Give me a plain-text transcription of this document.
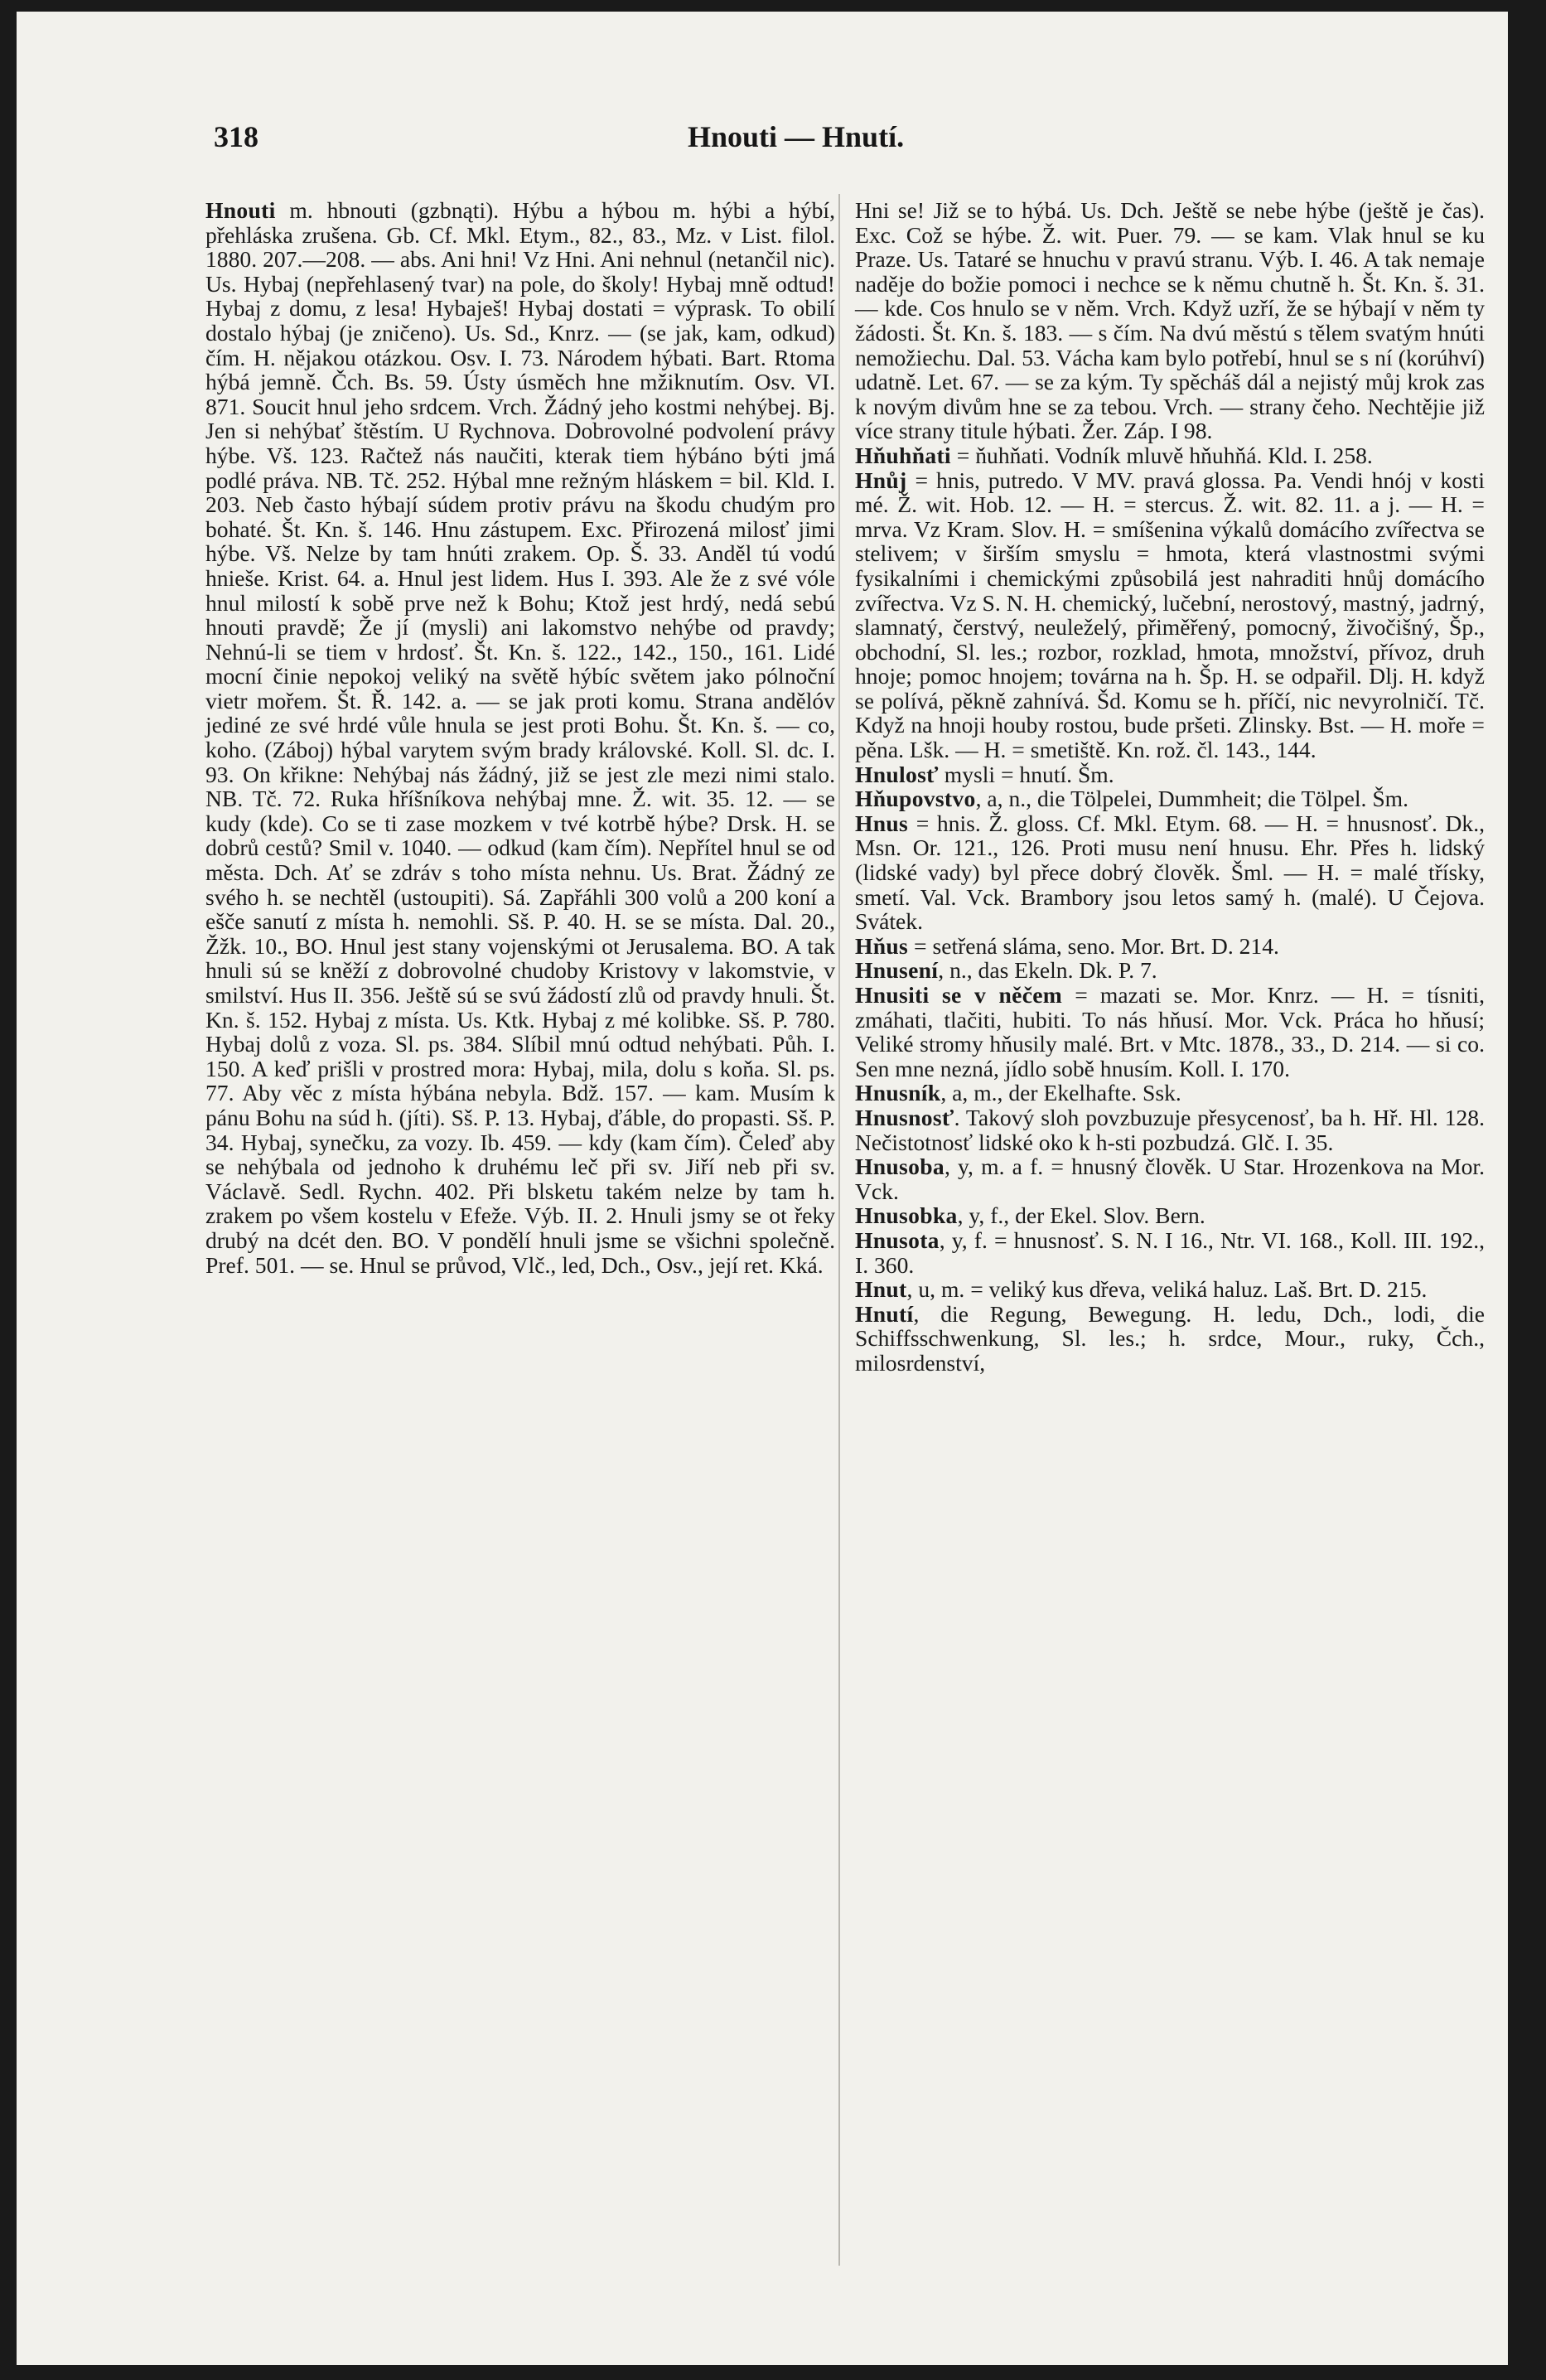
318	Hnouti — Hnutí.

Hnouti m. hbnouti (gzbnąti). Hýbu a hýbou m. hýbi a hýbí, přehláska zrušena. Gb. Cf. Mkl. Etym., 82., 83., Mz. v List. filol. 1880. 207.—208. — abs. Ani hni! Vz Hni. Ani nehnul (netančil nic). Us. Hybaj (nepřehlasený tvar) na pole, do školy! Hybaj mně odtud! Hybaj z domu, z lesa! Hybaješ! Hybaj dostati = výprask. To obilí dostalo hýbaj (je zničeno). Us. Sd., Knrz. — (se jak, kam, odkud) čím. H. nějakou otázkou. Osv. I. 73. Národem hýbati. Bart. Rtoma hýbá jemně. Čch. Bs. 59. Ústy úsměch hne mžiknutím. Osv. VI. 871. Soucit hnul jeho srdcem. Vrch. Žádný jeho kostmi nehýbej. Bj. Jen si nehýbať štěstím. U Rychnova. Dobrovolné podvolení právy hýbe. Vš. 123. Račtež nás naučiti, kterak tiem hýbáno býti jmá podlé práva. NB. Tč. 252. Hýbal mne režným hláskem = bil. Kld. I. 203. Neb často hýbají súdem protiv právu na škodu chudým pro bohaté. Št. Kn. š. 146. Hnu zástupem. Exc. Přirozená milosť jimi hýbe. Vš. Nelze by tam hnúti zrakem. Op. Š. 33. Anděl tú vodú hnieše. Krist. 64. a. Hnul jest lidem. Hus I. 393. Ale že z své vóle hnul milostí k sobě prve než k Bohu; Ktož jest hrdý, nedá sebú hnouti pravdě; Že jí (mysli) ani lakomstvo nehýbe od pravdy; Nehnú-li se tiem v hrdosť. Št. Kn. š. 122., 142., 150., 161. Lidé mocní činie nepokoj veliký na světě hýbíc světem jako pólnoční vietr mořem. Št. Ř. 142. a. — se jak proti komu. Strana andělóv jediné ze své hrdé vůle hnula se jest proti Bohu. Št. Kn. š. — co, koho. (Záboj) hýbal varytem svým brady královské. Koll. Sl. dc. I. 93. On křikne: Nehýbaj nás žádný, již se jest zle mezi nimi stalo. NB. Tč. 72. Ruka hříšníkova nehýbaj mne. Ž. wit. 35. 12. — se kudy (kde). Co se ti zase mozkem v tvé kotrbě hýbe? Drsk. H. se dobrů cestů? Smil v. 1040. — odkud (kam čím). Nepřítel hnul se od města. Dch. Ať se zdráv s toho místa nehnu. Us. Brat. Žádný ze svého h. se nechtěl (ustoupiti). Sá. Zapřáhli 300 volů a 200 koní a ešče sanutí z místa h. nemohli. Sš. P. 40. H. se se místa. Dal. 20., Žžk. 10., BO. Hnul jest stany vojenskými ot Jerusalema. BO. A tak hnuli sú se kněží z dobrovolné chudoby Kristovy v lakomstvie, v smilství. Hus II. 356. Ještě sú se svú žádostí zlů od pravdy hnuli. Št. Kn. š. 152. Hybaj z místa. Us. Ktk. Hybaj z mé kolibke. Sš. P. 780. Hybaj dolů z voza. Sl. ps. 384. Slíbil mnú odtud nehýbati. Půh. I. 150. A keď prišli v prostred mora: Hybaj, mila, dolu s koňa. Sl. ps. 77. Aby věc z místa hýbána nebyla. Bdž. 157. — kam. Musím k pánu Bohu na súd h. (jíti). Sš. P. 13. Hybaj, ďáble, do propasti. Sš. P. 34. Hybaj, synečku, za vozy. Ib. 459. — kdy (kam čím). Čeleď aby se nehýbala od jednoho k druhému leč při sv. Jiří neb při sv. Václavě. Sedl. Rychn. 402. Při blsketu takém nelze by tam h. zrakem po všem kostelu v Efeže. Výb. II. 2. Hnuli jsmy se ot řeky drubý na dcét den. BO. V pondělí hnuli jsme se všichni společně. Pref. 501. — se. Hnul se průvod, Vlč., led, Dch., Osv., její ret. Kká.

Hni se! Již se to hýbá. Us. Dch. Ještě se nebe hýbe (ještě je čas). Exc. Což se hýbe. Ž. wit. Puer. 79. — se kam. Vlak hnul se ku Praze. Us. Tataré se hnuchu v pravú stranu. Výb. I. 46. A tak nemaje naděje do božie pomoci i nechce se k němu chutně h. Št. Kn. š. 31. — kde. Cos hnulo se v něm. Vrch. Když uzří, že se hýbají v něm ty žádosti. Št. Kn. š. 183. — s čím. Na dvú městú s tělem svatým hnúti nemožiechu. Dal. 53. Vácha kam bylo potřebí, hnul se s ní (korúhví) udatně. Let. 67. — se za kým. Ty spěcháš dál a nejistý můj krok zas k novým divům hne se za tebou. Vrch. — strany čeho. Nechtějie již více strany titule hýbati. Žer. Záp. I 98.

Hňuhňati = ňuhňati. Vodník mluvě hňuhňá. Kld. I. 258.

Hnůj = hnis, putredo. V MV. pravá glossa. Pa. Vendi hnój v kosti mé. Ž. wit. Hob. 12. — H. = stercus. Ž. wit. 82. 11. a j. — H. = mrva. Vz Kram. Slov. H. = smíšenina výkalů domácího zvířectva se stelivem; v širším smyslu = hmota, která vlastnostmi svými fysikalními i chemickými způsobilá jest nahraditi hnůj domácího zvířectva. Vz S. N. H. chemický, lučební, nerostový, mastný, jadrný, slamnatý, čerstvý, neuleželý, přiměřený, pomocný, živočišný, Šp., obchodní, Sl. les.; rozbor, rozklad, hmota, množství, přívoz, druh hnoje; pomoc hnojem; továrna na h. Šp. H. se odpařil. Dlj. H. když se polívá, pěkně zahnívá. Šd. Komu se h. příčí, nic nevyrolničí. Tč. Když na hnoji houby rostou, bude pršeti. Zlinsky. Bst. — H. moře = pěna. Lšk. — H. = smetiště. Kn. rož. čl. 143., 144.

Hnulosť mysli = hnutí. Šm.

Hňupovstvo, a, n., die Tölpelei, Dummheit; die Tölpel. Šm.

Hnus = hnis. Ž. gloss. Cf. Mkl. Etym. 68. — H. = hnusnosť. Dk., Msn. Or. 121., 126. Proti musu není hnusu. Ehr. Přes h. lidský (lidské vady) byl přece dobrý člověk. Šml. — H. = malé třísky, smetí. Val. Vck. Brambory jsou letos samý h. (malé). U Čejova. Svátek.

Hňus = setřená sláma, seno. Mor. Brt. D. 214.

Hnusení, n., das Ekeln. Dk. P. 7.

Hnusiti se v něčem = mazati se. Mor. Knrz. — H. = tísniti, zmáhati, tlačiti, hubiti. To nás hňusí. Mor. Vck. Práca ho hňusí; Veliké stromy hňusily malé. Brt. v Mtc. 1878., 33., D. 214. — si co. Sen mne nezná, jídlo sobě hnusím. Koll. I. 170.

Hnusník, a, m., der Ekelhafte. Ssk.

Hnusnosť. Takový sloh povzbuzuje přesycenosť, ba h. Hř. Hl. 128. Nečistotnosť lidské oko k h-sti pozbudzá. Glč. I. 35.

Hnusoba, y, m. a f. = hnusný člověk. U Star. Hrozenkova na Mor. Vck.

Hnusobka, y, f., der Ekel. Slov. Bern.

Hnusota, y, f. = hnusnosť. S. N. I 16., Ntr. VI. 168., Koll. III. 192., I. 360.

Hnut, u, m. = veliký kus dřeva, veliká haluz. Laš. Brt. D. 215.

Hnutí, die Regung, Bewegung. H. ledu, Dch., lodi, die Schiffsschwenkung, Sl. les.; h. srdce, Mour., ruky, Čch., milosrdenství,
